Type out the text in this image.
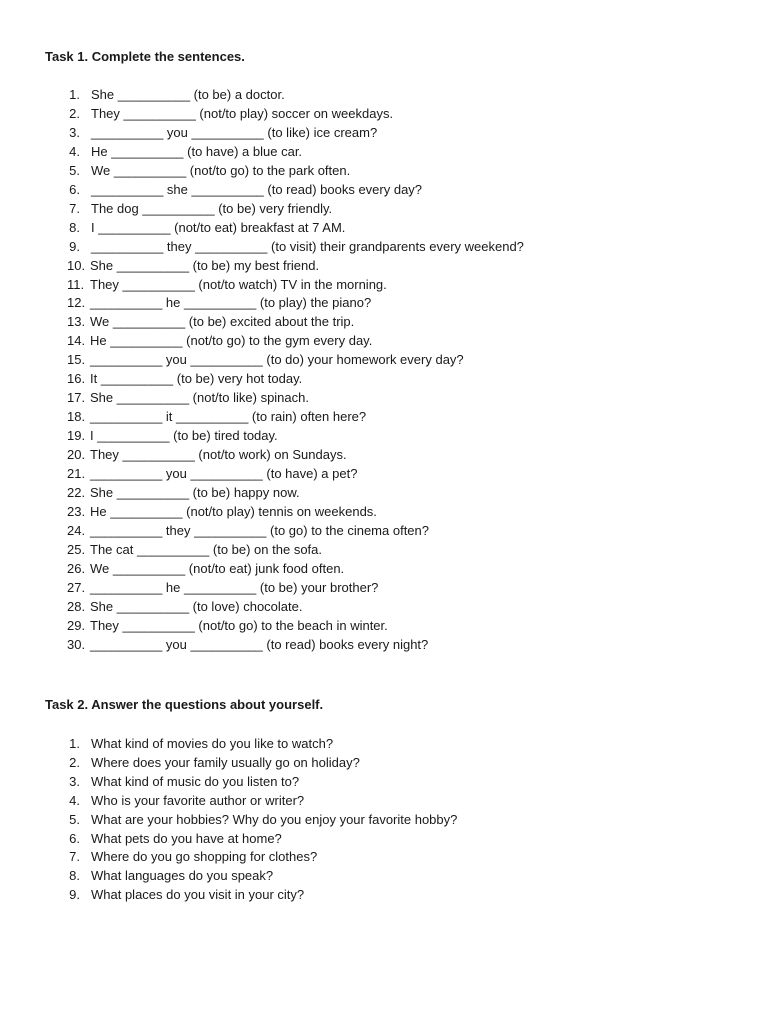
Task 1. Complete the sentences.
1. She __________ (to be) a doctor.
2. They __________ (not/to play) soccer on weekdays.
3. __________ you __________ (to like) ice cream?
4. He __________ (to have) a blue car.
5. We __________ (not/to go) to the park often.
6. __________ she __________ (to read) books every day?
7. The dog __________ (to be) very friendly.
8. I __________ (not/to eat) breakfast at 7 AM.
9. __________ they __________ (to visit) their grandparents every weekend?
10. She __________ (to be) my best friend.
11. They __________ (not/to watch) TV in the morning.
12. __________ he __________ (to play) the piano?
13. We __________ (to be) excited about the trip.
14. He __________ (not/to go) to the gym every day.
15. __________ you __________ (to do) your homework every day?
16. It __________ (to be) very hot today.
17. She __________ (not/to like) spinach.
18. __________ it __________ (to rain) often here?
19. I __________ (to be) tired today.
20. They __________ (not/to work) on Sundays.
21. __________ you __________ (to have) a pet?
22. She __________ (to be) happy now.
23. He __________ (not/to play) tennis on weekends.
24. __________ they __________ (to go) to the cinema often?
25. The cat __________ (to be) on the sofa.
26. We __________ (not/to eat) junk food often.
27. __________ he __________ (to be) your brother?
28. She __________ (to love) chocolate.
29. They __________ (not/to go) to the beach in winter.
30. __________ you __________ (to read) books every night?
Task 2. Answer the questions about yourself.
1. What kind of movies do you like to watch?
2. Where does your family usually go on holiday?
3. What kind of music do you listen to?
4. Who is your favorite author or writer?
5. What are your hobbies? Why do you enjoy your favorite hobby?
6. What pets do you have at home?
7. Where do you go shopping for clothes?
8. What languages do you speak?
9. What places do you visit in your city?
